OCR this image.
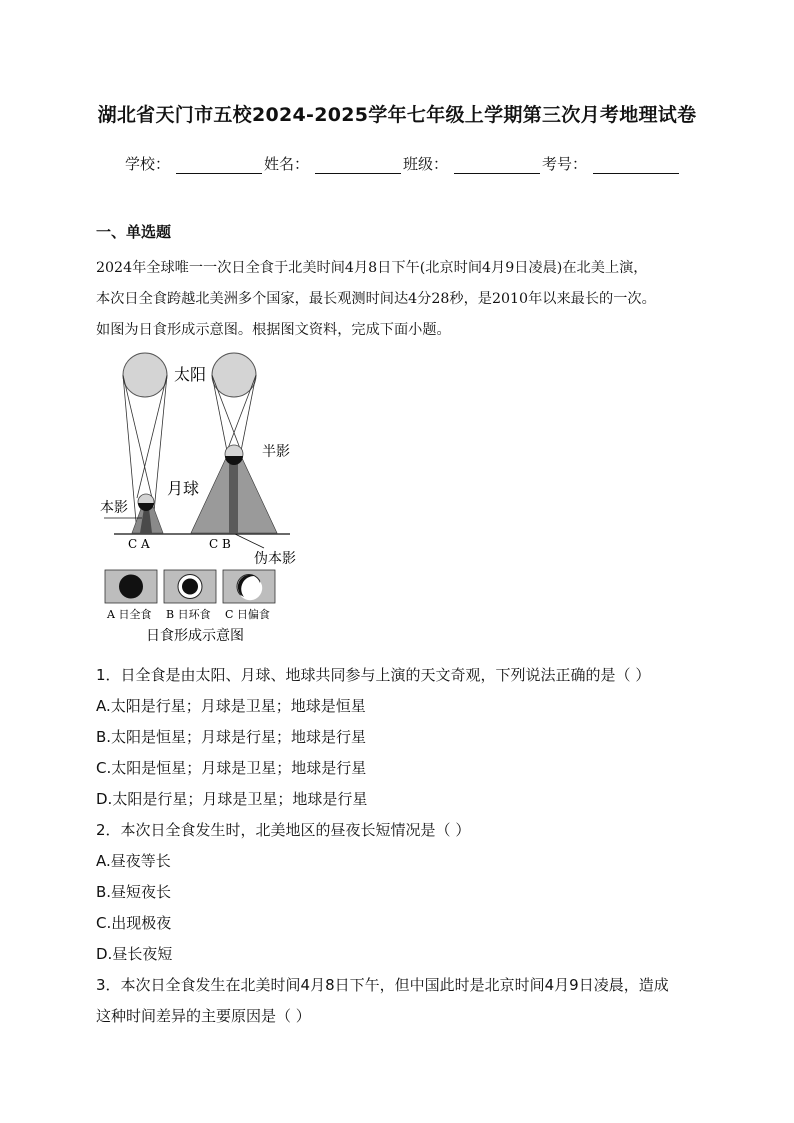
湖北省天门市五校2024-2025学年七年级上学期第三次月考地理试卷
学校：	姓名：	班级：	考号：
一、单选题
2024年全球唯一一次日全食于北美时间4月8日下午(北京时间4月9日凌晨)在北美上演，
本次日全食跨越北美洲多个国家，最长观测时间达4分28秒，是2010年以来最长的一次。
如图为日食形成示意图。根据图文资料，完成下面小题。
太阳
半影
月球
本影
C A	C B
伪本影
A 日全食 B 日环食 C 日偏食
日食形成示意图
1．日全食是由太阳、月球、地球共同参与上演的天文奇观，下列说法正确的是（ ）
A.太阳是行星；月球是卫星；地球是恒星
B.太阳是恒星；月球是行星；地球是行星
C.太阳是恒星；月球是卫星；地球是行星
D.太阳是行星；月球是卫星；地球是行星
2．本次日全食发生时，北美地区的昼夜长短情况是（ ）
A.昼夜等长
B.昼短夜长
C.出现极夜
D.昼长夜短
3．本次日全食发生在北美时间4月8日下午，但中国此时是北京时间4月9日凌晨，造成
这种时间差异的主要原因是（ ）
